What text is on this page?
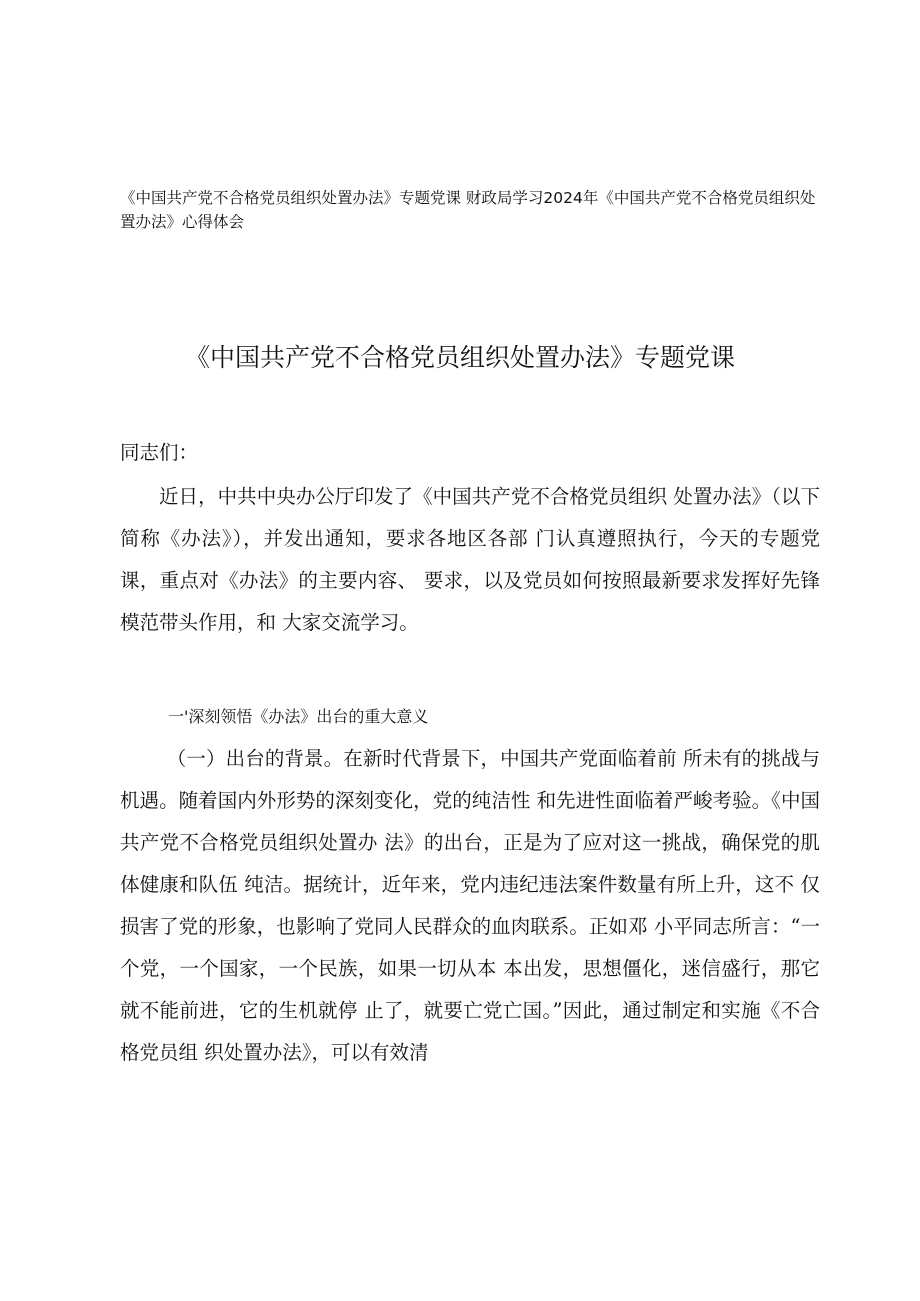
《中国共产党不合格党员组织处置办法》专题党课 财政局学习2024年《中国共产党不合格党员组织处置办法》心得体会
《中国共产党不合格党员组织处置办法》专题党课
同志们：
近日，中共中央办公厅印发了《中国共产党不合格党员组织 处置办法》（以下简称《办法》），并发出通知，要求各地区各部 门认真遵照执行，今天的专题党课，重点对《办法》的主要内容、 要求，以及党员如何按照最新要求发挥好先锋模范带头作用，和 大家交流学习。
一'深刻领悟《办法》出台的重大意义
（一）出台的背景。在新时代背景下，中国共产党面临着前 所未有的挑战与机遇。随着国内外形势的深刻变化，党的纯洁性 和先进性面临着严峻考验。《中国共产党不合格党员组织处置办 法》的出台，正是为了应对这一挑战，确保党的肌体健康和队伍 纯洁。据统计，近年来，党内违纪违法案件数量有所上升，这不 仅损害了党的形象，也影响了党同人民群众的血肉联系。正如邓 小平同志所言：“一个党，一个国家，一个民族，如果一切从本 本出发，思想僵化，迷信盛行，那它就不能前进，它的生机就停 止了，就要亡党亡国。”因此，通过制定和实施《不合格党员组 织处置办法》，可以有效清
